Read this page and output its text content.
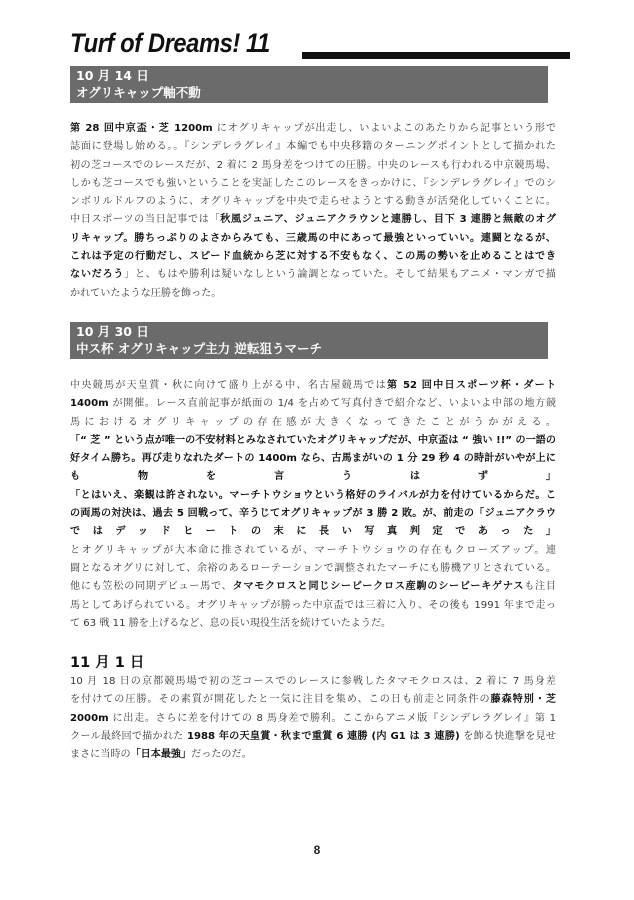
Turf of Dreams! 11
10 月 14 日
オグリキャップ軸不動
第 28 回中京盃・芝 1200m にオグリキャップが出走し、いよいよこのあたりから記事という形で
誌面に登場し始める。。『シンデレラグレイ』本編でも中央移籍のターニングポイントとして描かれた
初の芝コースでのレースだが、2 着に 2 馬身差をつけての圧勝。中央のレースも行われる中京競馬場、
しかも芝コースでも強いということを実証したこのレースをきっかけに、『シンデレラグレイ』でのシ
ンボリルドルフのように、オグリキャップを中央で走らせようとする動きが活発化していくことに。
中日スポーツの当日記事では「秋風ジュニア、ジュニアクラウンと連勝し、目下 3 連勝と無敵のオグ
リキャップ。勝ちっぷりのよさからみても、三歳馬の中にあって最強といっていい。連闘となるが、
これは予定の行動だし、スピード血統から芝に対する不安もなく、この馬の勢いを止めることはでき
ないだろう」と、もはや勝利は疑いなしという論調となっていた。そして結果もアニメ・マンガで描
かれていたような圧勝を飾った。
10 月 30 日
中ス杯 オグリキャップ主力 逆転狙うマーチ
中央競馬が天皇賞・秋に向けて盛り上がる中、名古屋競馬では第 52 回中日スポーツ杯・ダート
1400m が開催。レース直前記事が紙面の 1/4 を占めて写真付きで紹介など、いよいよ中部の地方競
馬におけるオグリキャップの存在感が大きくなってきたことがうかがえる。
「“ 芝 ” という点が唯一の不安材料とみなされていたオグリキャップだが、中京盃は “ 強い !!” の一語の
好タイム勝ち。再び走りなれたダートの 1400m なら、古馬まがいの 1 分 29 秒 4 の時計がいやが上に
も物を言うはず」
「とはいえ、楽観は許されない。マーチトウショウという格好のライバルが力を付けているからだ。こ
の両馬の対決は、過去 5 回戦って、辛うじてオグリキャップが 3 勝 2 敗。が、前走の「ジュニアクラウ
ではデッドヒートの末に長い写真判定であった」
とオグリキャップが大本命に推されているが、マーチトウショウの存在もクローズアップ。連
闘となるオグリに対して、余裕のあるローテーションで調整されたマーチにも勝機アリとされている。
他にも笠松の同期デビュー馬で、タマモクロスと同じシービークロス産駒のシービーキゲナスも注目
馬としてあげられている。オグリキャップが勝った中京盃では三着に入り、その後も 1991 年まで走っ
て 63 戦 11 勝を上げるなど、息の長い現役生活を続けていたようだ。
11 月 1 日
10 月 18 日の京都競馬場で初の芝コースでのレースに参戦したタマモクロスは、2 着に 7 馬身差
を付けての圧勝。その素質が開花したと一気に注目を集め、この日も前走と同条件の藤森特別・芝
2000m に出走。さらに差を付けての 8 馬身差で勝利。ここからアニメ版『シンデレラグレイ』第 1
クール最終回で描かれた 1988 年の天皇賞・秋まで重賞 6 連勝 (内 G1 は 3 連勝) を飾る快進撃を見せ
まさに当時の「日本最強」だったのだ。
8
